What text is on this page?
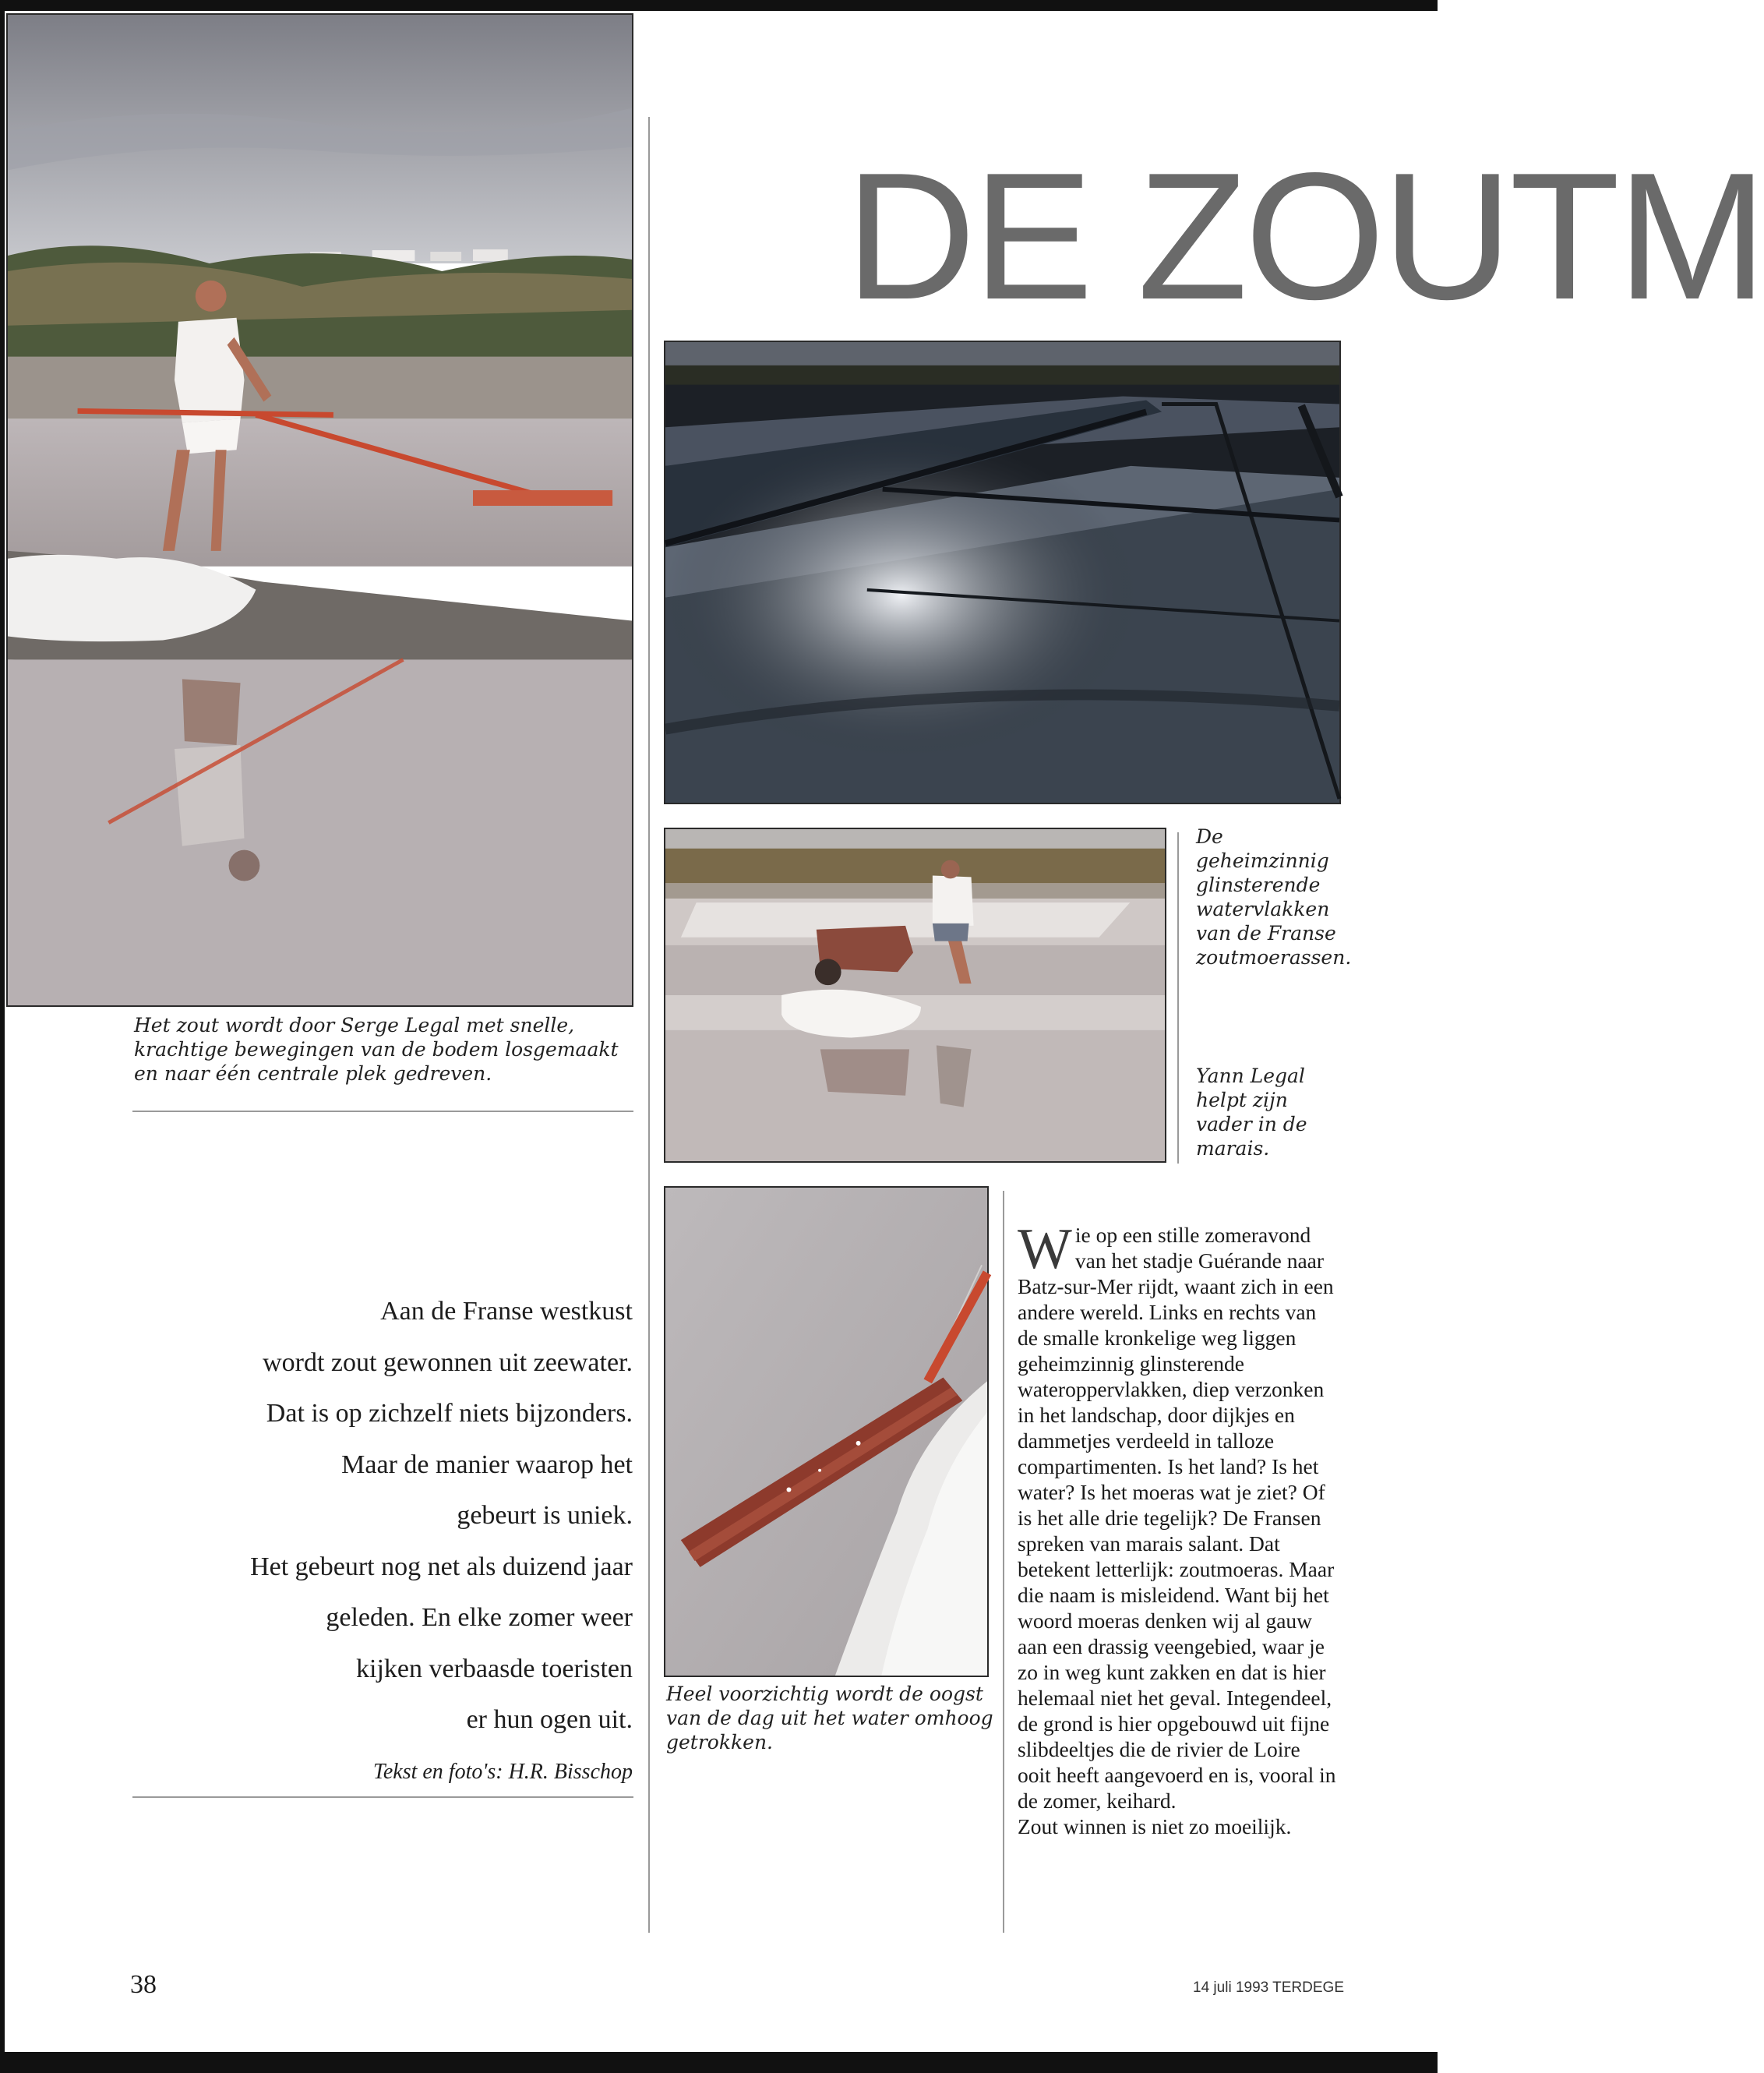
DE ZOUTM

Het zout wordt door Serge Legal met snelle, krachtige bewegingen van de bodem losgemaakt en naar één centrale plek gedreven.

De geheimzinnig glinsterende watervlakken van de Franse zoutmoerassen.

Yann Legal helpt zijn vader in de marais.

Heel voorzichtig wordt de oogst van de dag uit het water omhoog getrokken.

Aan de Franse westkust
wordt zout gewonnen uit zeewater.
Dat is op zichzelf niets bijzonders.
Maar de manier waarop het
gebeurt is uniek.
Het gebeurt nog net als duizend jaar
geleden. En elke zomer weer
kijken verbaasde toeristen
er hun ogen uit.

Tekst en foto's: H.R. Bisschop

Wie op een stille zomeravond van het stadje Guérande naar Batz-sur-Mer rijdt, waant zich in een andere wereld. Links en rechts van de smalle kronkelige weg liggen geheimzinnig glinsterende wateroppervlakken, diep verzonken in het landschap, door dijkjes en dammetjes verdeeld in talloze compartimenten. Is het land? Is het water? Is het moeras wat je ziet? Of is het alle drie tegelijk? De Fransen spreken van marais salant. Dat betekent letterlijk: zoutmoeras. Maar die naam is misleidend. Want bij het woord moeras denken wij al gauw aan een drassig veengebied, waar je zo in weg kunt zakken en dat is hier helemaal niet het geval. Integendeel, de grond is hier opgebouwd uit fijne slibdeeltjes die de rivier de Loire ooit heeft aangevoerd en is, vooral in de zomer, keihard.
Zout winnen is niet zo moeilijk.

38	14 juli 1993 TERDEGE
